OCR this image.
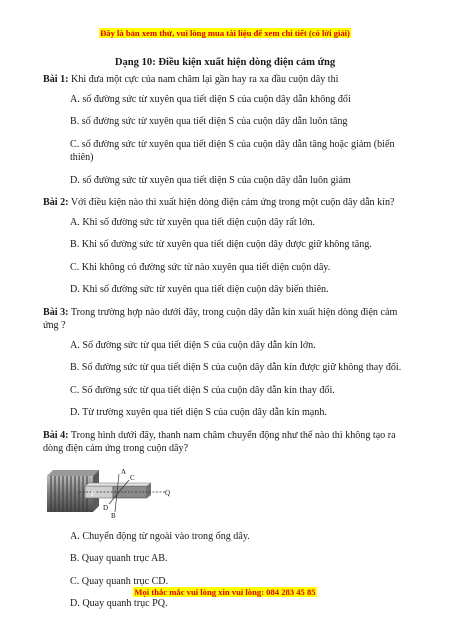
Đây là bản xem thử, vui lòng mua tài liệu để xem chi tiết (có lời giải)
Dạng 10: Điều kiện xuất hiện dòng điện cảm ứng
Bài 1: Khi đưa một cực của nam châm lại gần hay ra xa đầu cuộn dây thì
A. số đường sức từ xuyên qua tiết diện S của cuộn dây dẫn không đổi
B. số đường sức từ xuyên qua tiết diện S của cuộn dây dẫn luôn tăng
C. số đường sức từ xuyên qua tiết diện S của cuộn dây dẫn tăng hoặc giảm (biến thiên)
D. số đường sức từ xuyên qua tiết diện S của cuộn dây dẫn luôn giảm
Bài 2: Với điều kiện nào thì xuất hiện dòng điện cảm ứng trong một cuộn dây dẫn kín?
A. Khi số đường sức từ xuyên qua tiết diện cuộn dây rất lớn.
B. Khi số đường sức từ xuyên qua tiết diện cuộn dây được giữ không tăng.
C. Khi không có đường sức từ nào xuyên qua tiết diện cuộn dây.
D. Khi số đường sức từ xuyên qua tiết diện cuộn dây biến thiên.
Bài 3: Trong trường hợp nào dưới đây, trong cuộn dây dẫn kín xuất hiện dòng điện cảm ứng ?
A. Số đường sức từ qua tiết diện S của cuộn dây dẫn kín lớn.
B. Số đường sức từ qua tiết diện S của cuộn dây dẫn kín được giữ không thay đổi.
C. Số đường sức từ qua tiết diện S của cuộn dây dẫn kín thay đổi.
D. Từ trường xuyên qua tiết diện S của cuộn dây dẫn kín mạnh.
Bài 4: Trong hình dưới đây, thanh nam châm chuyển động như thế nào thì không tạo ra dòng điện cảm ứng trong cuộn dây?
P
A
B
C
D
Q
A. Chuyển động từ ngoài vào trong ống dây.
B. Quay quanh trục AB.
C. Quay quanh trục CD.
D. Quay quanh trục PQ.
Mọi thắc mắc vui lòng xin vui lòng: 084 283 45 85
